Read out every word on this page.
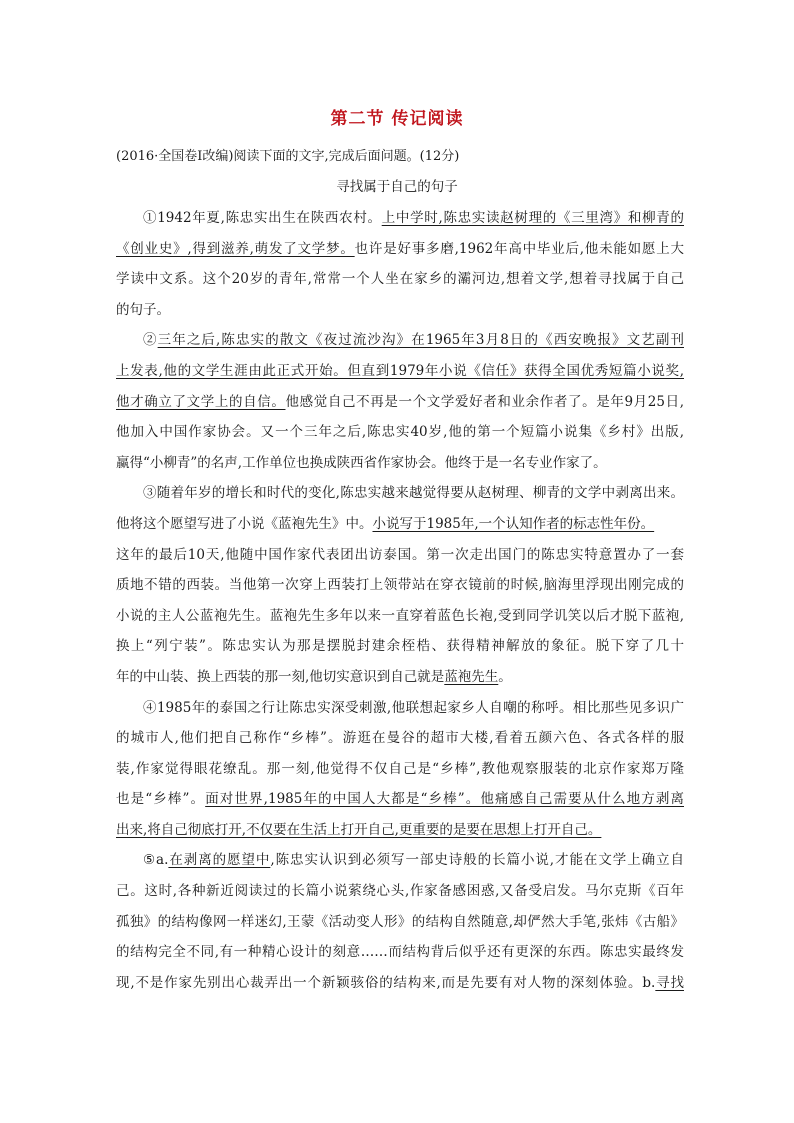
第二节 传记阅读
(2016·全国卷Ⅰ改编)阅读下面的文字,完成后面问题。(12分)
寻找属于自己的句子
①1942年夏,陈忠实出生在陕西农村。上中学时,陈忠实读赵树理的《三里湾》和柳青的
《创业史》,得到滋养,萌发了文学梦。也许是好事多磨,1962年高中毕业后,他未能如愿上大
学读中文系。这个20岁的青年,常常一个人坐在家乡的灞河边,想着文学,想着寻找属于自己
的句子。
②三年之后,陈忠实的散文《夜过流沙沟》在1965年3月8日的《西安晚报》文艺副刊
上发表,他的文学生涯由此正式开始。但直到1979年小说《信任》获得全国优秀短篇小说奖,
他才确立了文学上的自信。他感觉自己不再是一个文学爱好者和业余作者了。是年9月25日,
他加入中国作家协会。又一个三年之后,陈忠实40岁,他的第一个短篇小说集《乡村》出版,
赢得“小柳青”的名声,工作单位也换成陕西省作家协会。他终于是一名专业作家了。
③随着年岁的增长和时代的变化,陈忠实越来越觉得要从赵树理、柳青的文学中剥离出来。
他将这个愿望写进了小说《蓝袍先生》中。小说写于1985年,一个认知作者的标志性年份。
这年的最后10天,他随中国作家代表团出访泰国。第一次走出国门的陈忠实特意置办了一套
质地不错的西装。当他第一次穿上西装打上领带站在穿衣镜前的时候,脑海里浮现出刚完成的
小说的主人公蓝袍先生。蓝袍先生多年以来一直穿着蓝色长袍,受到同学讥笑以后才脱下蓝袍,
换上“列宁装”。陈忠实认为那是摆脱封建余桎梏、获得精神解放的象征。脱下穿了几十
年的中山装、换上西装的那一刻,他切实意识到自己就是蓝袍先生。
④1985年的泰国之行让陈忠实深受刺激,他联想起家乡人自嘲的称呼。相比那些见多识广
的城市人,他们把自己称作“乡棒”。游逛在曼谷的超市大楼,看着五颜六色、各式各样的服
装,作家觉得眼花缭乱。那一刻,他觉得不仅自己是“乡棒”,教他观察服装的北京作家郑万隆
也是“乡棒”。面对世界,1985年的中国人大都是“乡棒”。他痛感自己需要从什么地方剥离
出来,将自己彻底打开,不仅要在生活上打开自己,更重要的是要在思想上打开自己。
⑤a.在剥离的愿望中,陈忠实认识到必须写一部史诗般的长篇小说,才能在文学上确立自
己。这时,各种新近阅读过的长篇小说萦绕心头,作家备感困惑,又备受启发。马尔克斯《百年
孤独》的结构像网一样迷幻,王蒙《活动变人形》的结构自然随意,却俨然大手笔,张炜《古船》
的结构完全不同,有一种精心设计的刻意……而结构背后似乎还有更深的东西。陈忠实最终发
现,不是作家先别出心裁弄出一个新颖骇俗的结构来,而是先要有对人物的深刻体验。b.寻找
